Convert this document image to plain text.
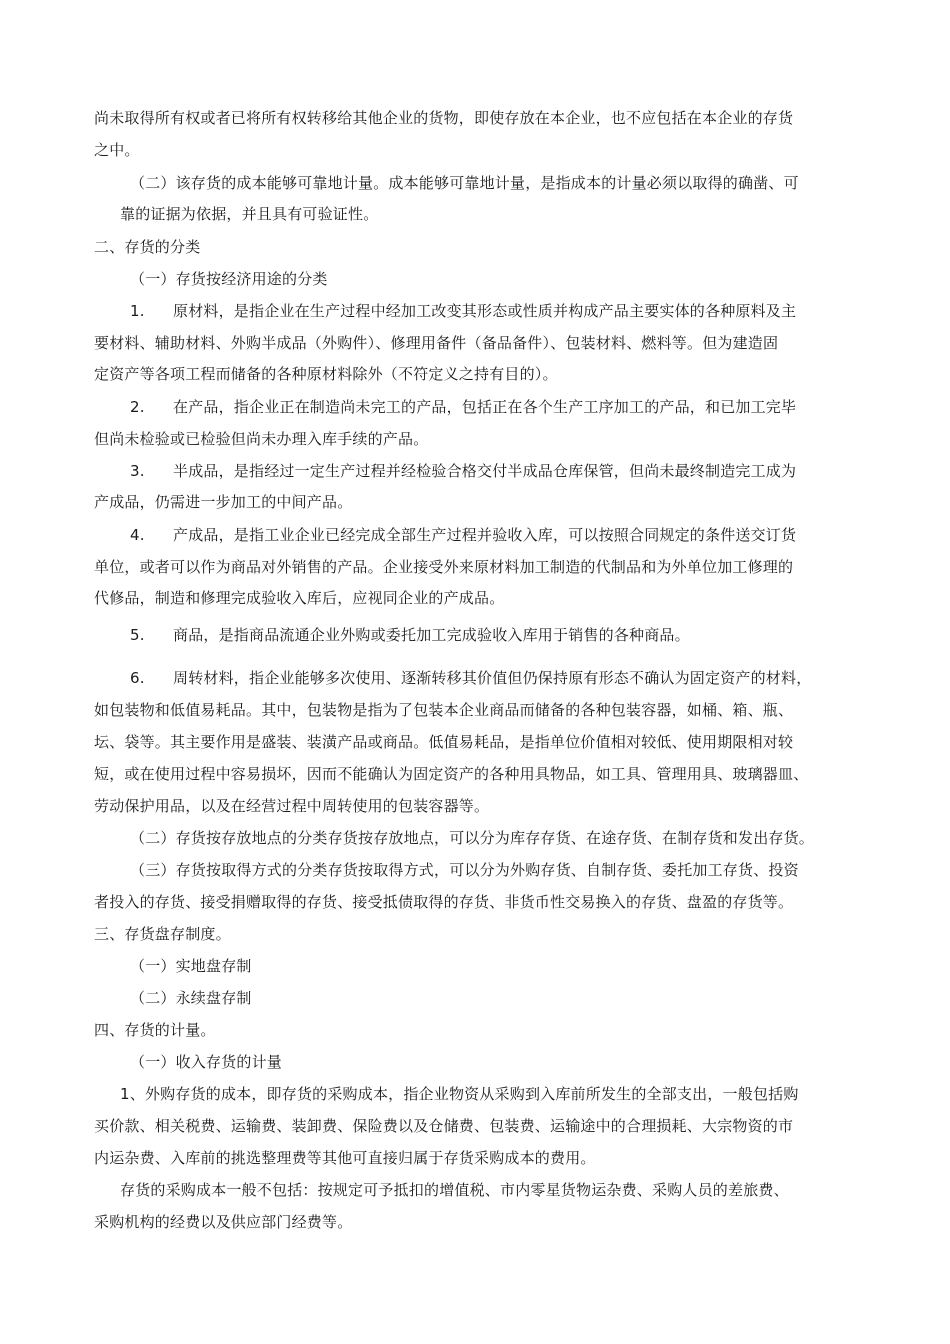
尚未取得所有权或者已将所有权转移给其他企业的货物，即使存放在本企业，也不应包括在本企业的存货
之中。
（二）该存货的成本能够可靠地计量。成本能够可靠地计量，是指成本的计量必须以取得的确凿、可
靠的证据为依据，并且具有可验证性。
二、存货的分类
（一）存货按经济用途的分类
1. 原材料，是指企业在生产过程中经加工改变其形态或性质并构成产品主要实体的各种原料及主
要材料、辅助材料、外购半成品（外购件）、修理用备件（备品备件）、包装材料、燃料等。但为建造固
定资产等各项工程而储备的各种原材料除外（不符定义之持有目的）。
2. 在产品，指企业正在制造尚未完工的产品，包括正在各个生产工序加工的产品，和已加工完毕
但尚未检验或已检验但尚未办理入库手续的产品。
3. 半成品，是指经过一定生产过程并经检验合格交付半成品仓库保管，但尚未最终制造完工成为
产成品，仍需进一步加工的中间产品。
4. 产成品，是指工业企业已经完成全部生产过程并验收入库，可以按照合同规定的条件送交订货
单位，或者可以作为商品对外销售的产品。企业接受外来原材料加工制造的代制品和为外单位加工修理的
代修品，制造和修理完成验收入库后，应视同企业的产成品。
5. 商品，是指商品流通企业外购或委托加工完成验收入库用于销售的各种商品。
6. 周转材料，指企业能够多次使用、逐渐转移其价值但仍保持原有形态不确认为固定资产的材料，
如包装物和低值易耗品。其中，包装物是指为了包装本企业商品而储备的各种包装容器，如桶、箱、瓶、
坛、袋等。其主要作用是盛装、装潢产品或商品。低值易耗品，是指单位价值相对较低、使用期限相对较
短，或在使用过程中容易损坏，因而不能确认为固定资产的各种用具物品，如工具、管理用具、玻璃器皿、
劳动保护用品，以及在经营过程中周转使用的包装容器等。
（二）存货按存放地点的分类存货按存放地点，可以分为库存存货、在途存货、在制存货和发出存货。
（三）存货按取得方式的分类存货按取得方式，可以分为外购存货、自制存货、委托加工存货、投资
者投入的存货、接受捐赠取得的存货、接受抵债取得的存货、非货币性交易换入的存货、盘盈的存货等。
三、存货盘存制度。
（一）实地盘存制
（二）永续盘存制
四、存货的计量。
（一）收入存货的计量
1、外购存货的成本，即存货的采购成本，指企业物资从采购到入库前所发生的全部支出，一般包括购
买价款、相关税费、运输费、装卸费、保险费以及仓储费、包装费、运输途中的合理损耗、大宗物资的市
内运杂费、入库前的挑选整理费等其他可直接归属于存货采购成本的费用。
存货的采购成本一般不包括：按规定可予抵扣的增值税、市内零星货物运杂费、采购人员的差旅费、
采购机构的经费以及供应部门经费等。
